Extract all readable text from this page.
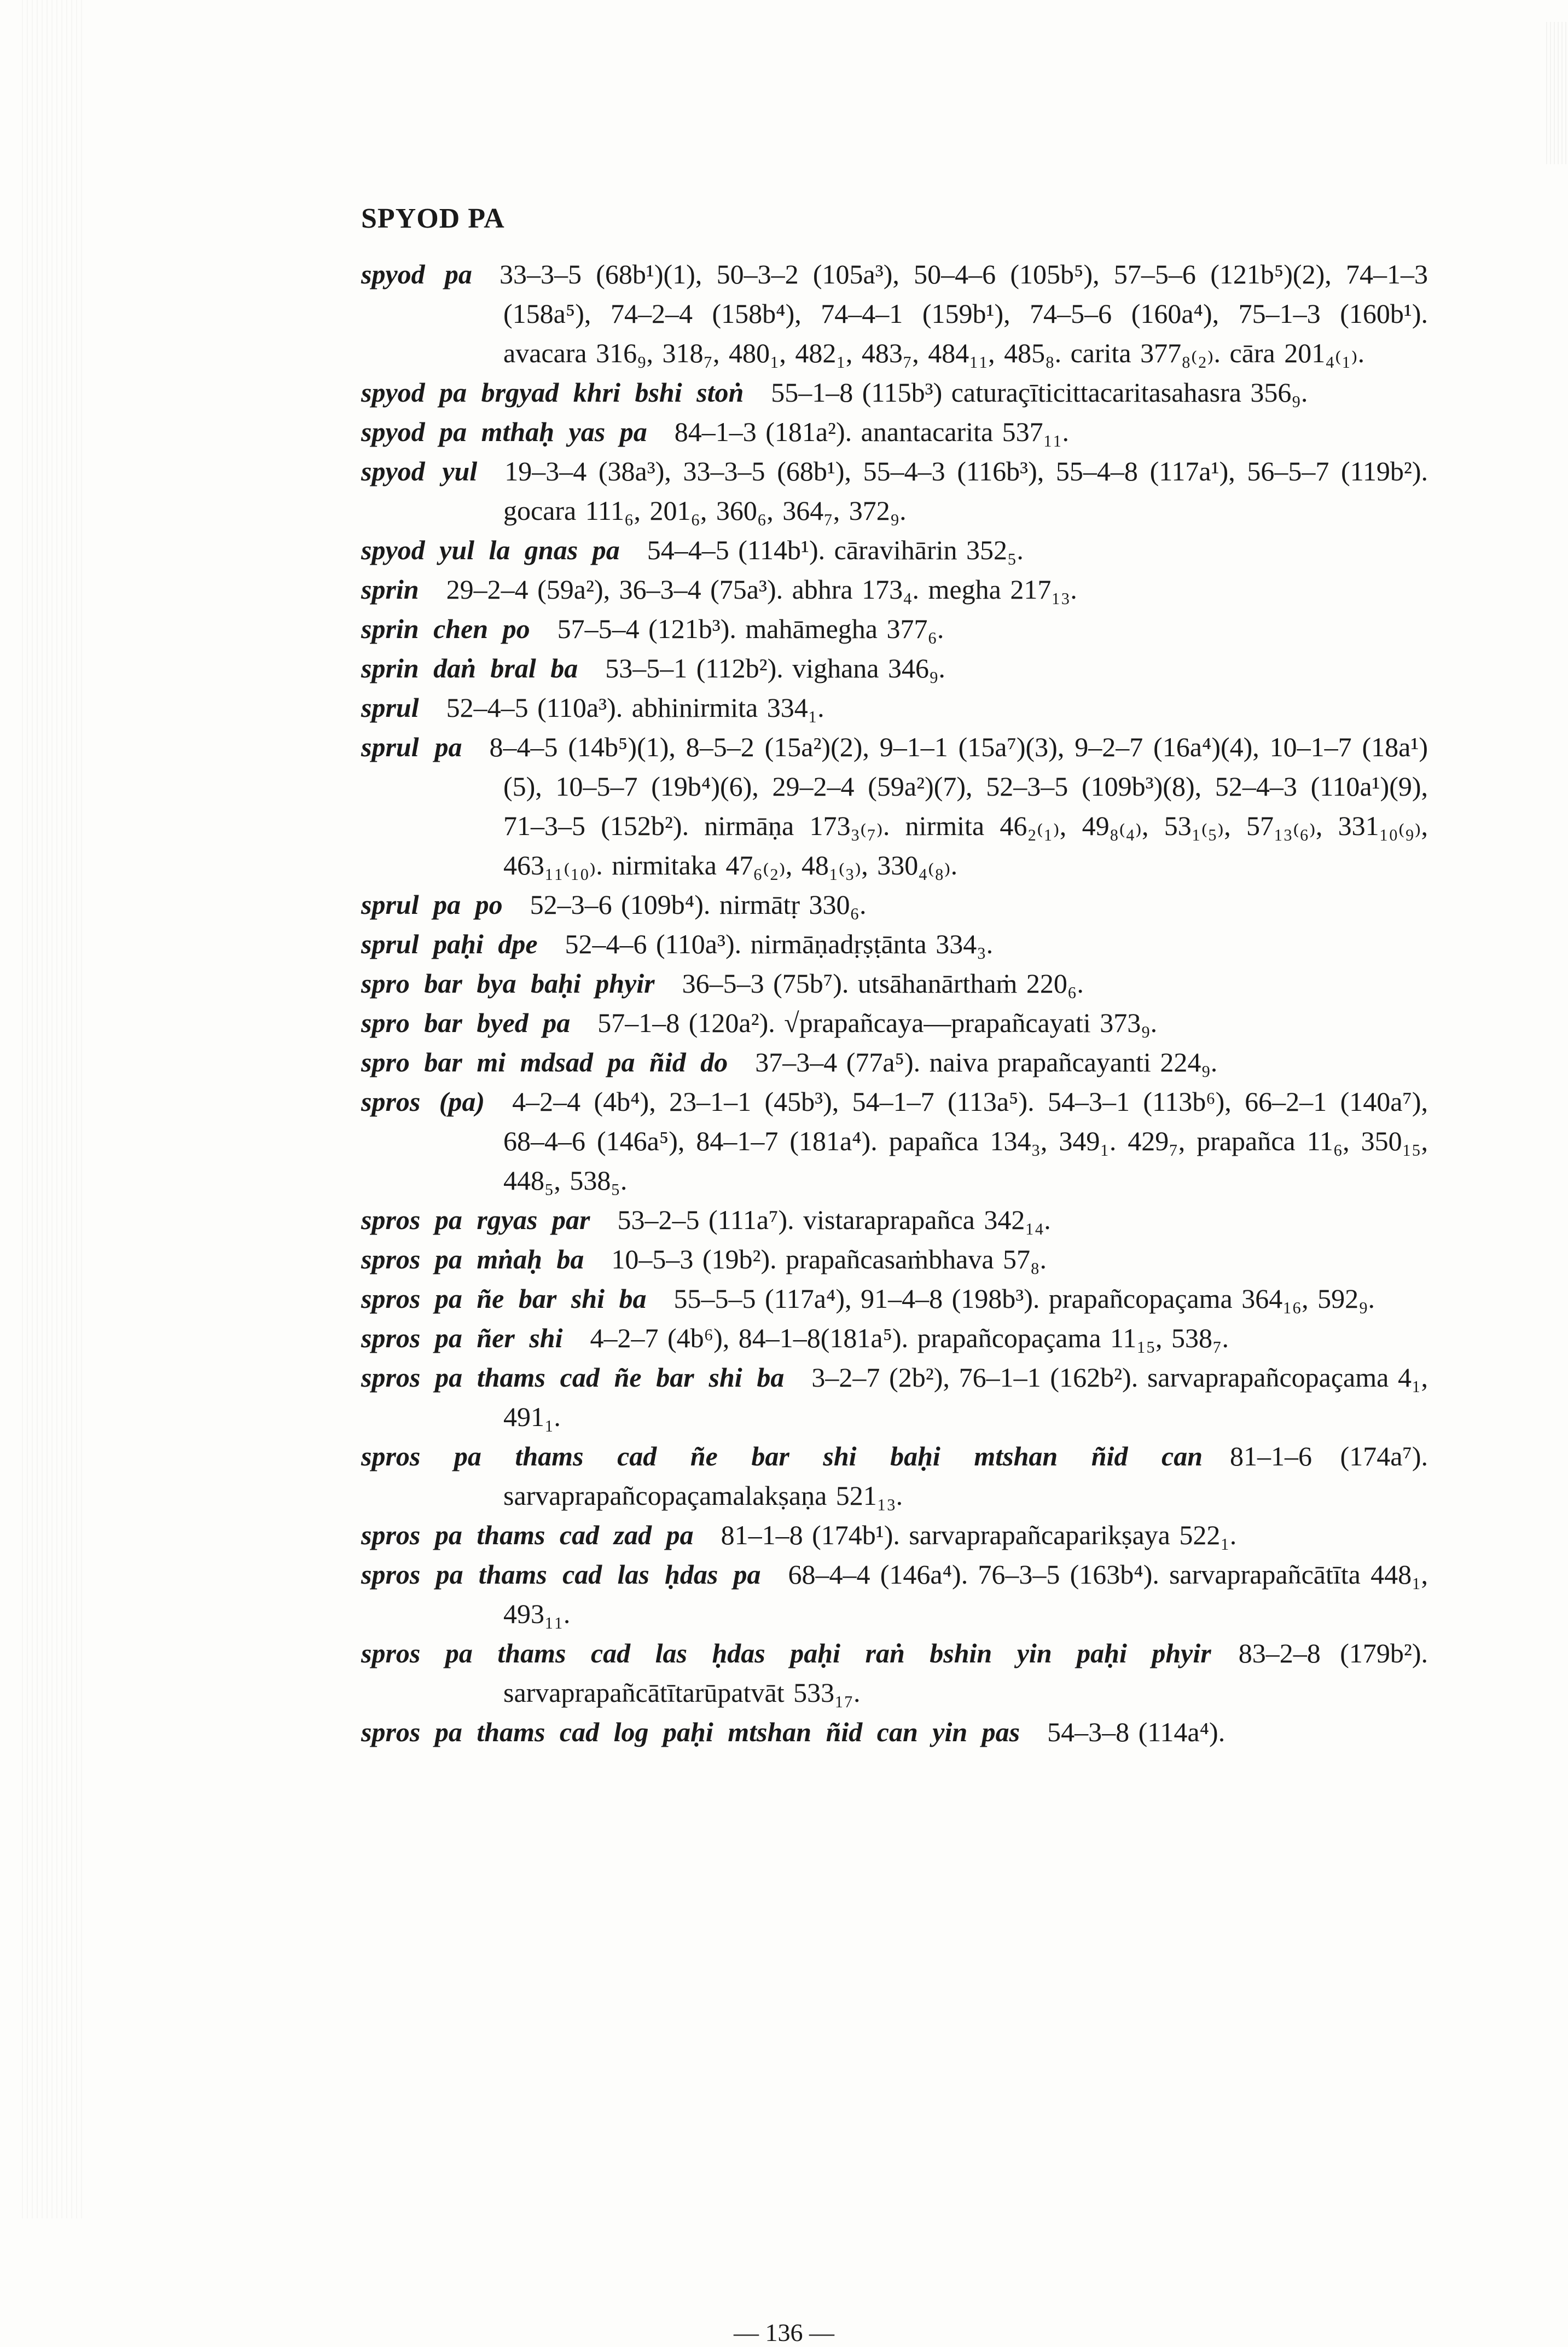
SPYOD PA
spyod pa  33–3–5 (68b¹)(1), 50–3–2 (105a³), 50–4–6 (105b⁵), 57–5–6 (121b⁵)(2), 74–1–3 (158a⁵), 74–2–4 (158b⁴), 74–4–1 (159b¹), 74–5–6 (160a⁴), 75–1–3 (160b¹). avacara 316₉, 318₇, 480₁, 482₁, 483₇, 484₁₁, 485₈. carita 377₈₍₂₎. cāra 201₄₍₁₎.
spyod pa brgyad khri bshi stoṅ  55–1–8 (115b³) caturaçīticittacaritasahasra 356₉.
spyod pa mthaḥ yas pa  84–1–3 (181a²). anantacarita 537₁₁.
spyod yul  19–3–4 (38a³), 33–3–5 (68b¹), 55–4–3 (116b³), 55–4–8 (117a¹), 56–5–7 (119b²). gocara 111₆, 201₆, 360₆, 364₇, 372₉.
spyod yul la gnas pa  54–4–5 (114b¹). cāravihārin 352₅.
sprin  29–2–4 (59a²), 36–3–4 (75a³). abhra 173₄. megha 217₁₃.
sprin chen po  57–5–4 (121b³). mahāmegha 377₆.
sprin daṅ bral ba  53–5–1 (112b²). vighana 346₉.
sprul  52–4–5 (110a³). abhinirmita 334₁.
sprul pa  8–4–5 (14b⁵)(1), 8–5–2 (15a²)(2), 9–1–1 (15a⁷)(3), 9–2–7 (16a⁴)(4), 10–1–7 (18a¹)(5), 10–5–7 (19b⁴)(6), 29–2–4 (59a²)(7), 52–3–5 (109b³)(8), 52–4–3 (110a¹)(9), 71–3–5 (152b²). nirmāṇa 173₃₍₇₎. nirmita 46₂₍₁₎, 49₈₍₄₎, 53₁₍₅₎, 57₁₃₍₆₎, 331₁₀₍₉₎, 463₁₁₍₁₀₎. nirmitaka 47₆₍₂₎, 48₁₍₃₎, 330₄₍₈₎.
sprul pa po  52–3–6 (109b⁴). nirmātṛ 330₆.
sprul paḥi dpe  52–4–6 (110a³). nirmāṇadṛṣṭānta 334₃.
spro bar bya baḥi phyir  36–5–3 (75b⁷). utsāhanārthaṁ 220₆.
spro bar byed pa  57–1–8 (120a²). √prapañcaya—prapañcayati 373₉.
spro bar mi mdsad pa ñid do  37–3–4 (77a⁵). naiva prapañcayanti 224₉.
spros (pa)  4–2–4 (4b⁴), 23–1–1 (45b³), 54–1–7 (113a⁵). 54–3–1 (113b⁶), 66–2–1 (140a⁷), 68–4–6 (146a⁵), 84–1–7 (181a⁴). papañca 134₃, 349₁. 429₇, prapañca 11₆, 350₁₅, 448₅, 538₅.
spros pa rgyas par  53–2–5 (111a⁷). vistaraprapañca 342₁₄.
spros pa mṅaḥ ba  10–5–3 (19b²). prapañcasaṁbhava 57₈.
spros pa ñe bar shi ba  55–5–5 (117a⁴), 91–4–8 (198b³). prapañcopaçama 364₁₆, 592₉.
spros pa ñer shi  4–2–7 (4b⁶), 84–1–8(181a⁵). prapañcopaçama 11₁₅, 538₇.
spros pa thams cad ñe bar shi ba  3–2–7 (2b²), 76–1–1 (162b²). sarvaprapañcopaçama 4₁, 491₁.
spros pa thams cad ñe bar shi baḥi mtshan ñid can  81–1–6 (174a⁷). sarvaprapañcopaçamalakṣaṇa 521₁₃.
spros pa thams cad zad pa  81–1–8 (174b¹). sarvaprapañcaparikṣaya 522₁.
spros pa thams cad las ḥdas pa  68–4–4 (146a⁴). 76–3–5 (163b⁴). sarvaprapañcātīta 448₁, 493₁₁.
spros pa thams cad las ḥdas paḥi raṅ bshin yin paḥi phyir  83–2–8 (179b²). sarvaprapañcātītarūpatvāt 533₁₇.
spros pa thams cad log paḥi mtshan ñid can yin pas  54–3–8 (114a⁴).
— 136 —
